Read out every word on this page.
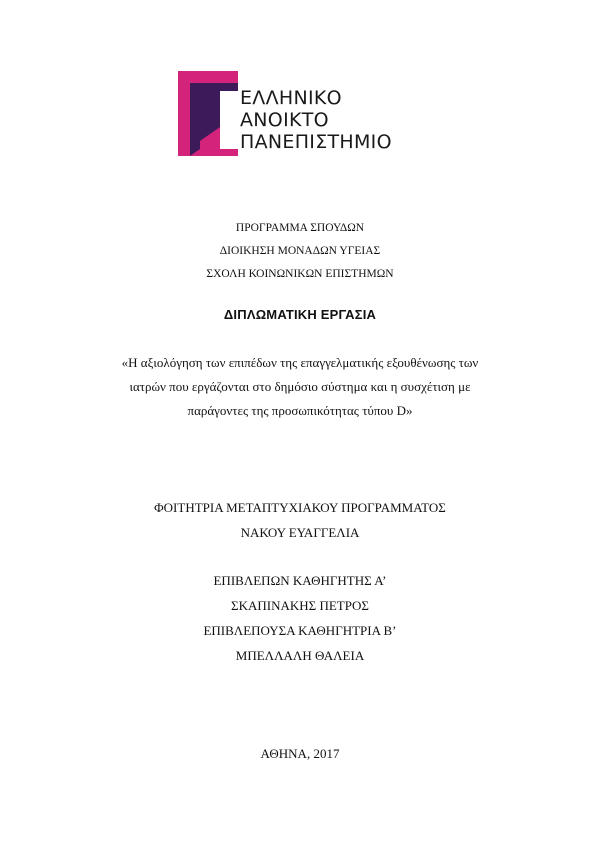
ΕΛΛΗΝΙΚΟ
ΑΝΟΙΚΤΟ
ΠΑΝΕΠΙΣΤΗΜΙΟ
ΠΡΟΓΡΑΜΜΑ ΣΠΟΥΔΩΝ
ΔΙΟΙΚΗΣΗ ΜΟΝΑΔΩΝ ΥΓΕΙΑΣ
ΣΧΟΛΗ ΚΟΙΝΩΝΙΚΩΝ ΕΠΙΣΤΗΜΩΝ
ΔΙΠΛΩΜΑΤΙΚΗ ΕΡΓΑΣΙΑ
«Η αξιολόγηση των επιπέδων της επαγγελματικής εξουθένωσης των
ιατρών που εργάζονται στο δημόσιο σύστημα και η συσχέτιση με
παράγοντες της προσωπικότητας τύπου D»
ΦΟΙΤΗΤΡΙΑ ΜΕΤΑΠΤΥΧΙΑΚΟΥ ΠΡΟΓΡΑΜΜΑΤΟΣ
ΝΑΚΟΥ ΕΥΑΓΓΕΛΙΑ
ΕΠΙΒΛΕΠΩΝ ΚΑΘΗΓΗΤΗΣ Α’
ΣΚΑΠΙΝΑΚΗΣ ΠΕΤΡΟΣ
ΕΠΙΒΛΕΠΟΥΣΑ ΚΑΘΗΓΗΤΡΙΑ Β’
ΜΠΕΛΛΑΛΗ ΘΑΛΕΙΑ
ΑΘΗΝΑ, 2017
